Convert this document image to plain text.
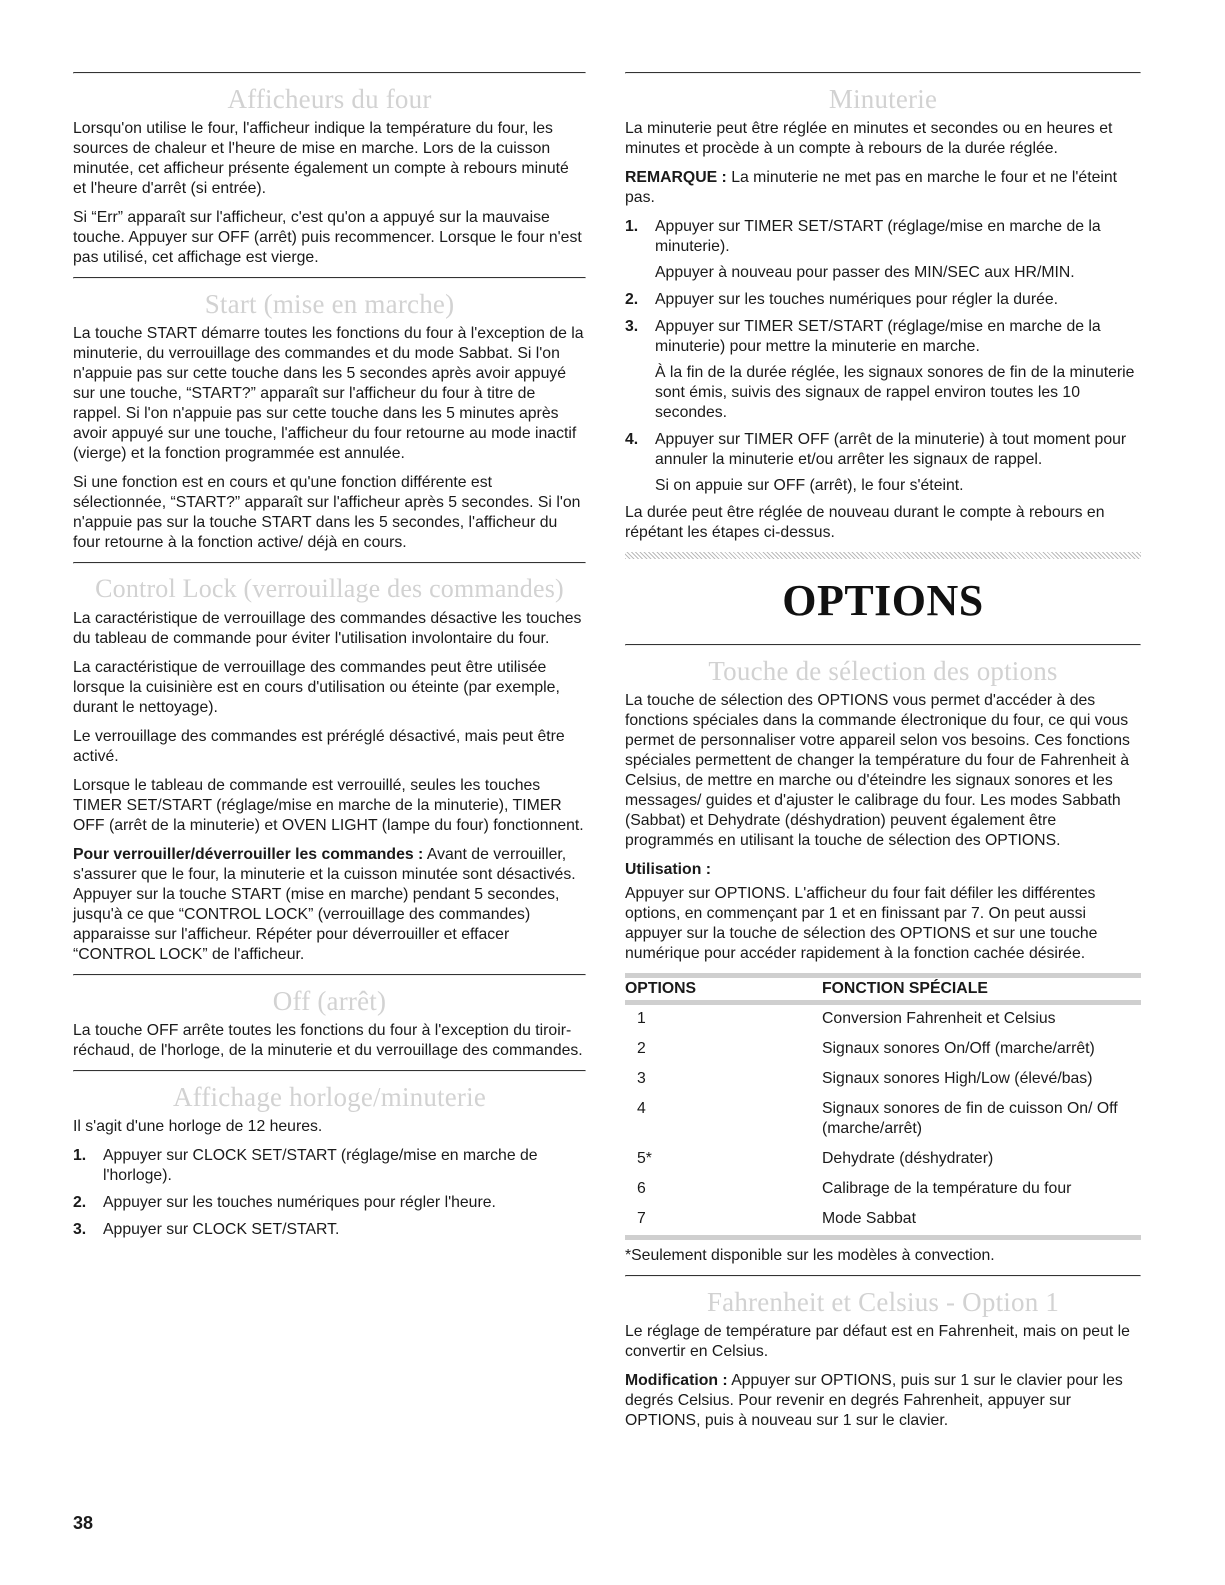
Afficheurs du four

Lorsqu'on utilise le four, l'afficheur indique la température du four, les sources de chaleur et l'heure de mise en marche. Lors de la cuisson minutée, cet afficheur présente également un compte à rebours minuté et l'heure d'arrêt (si entrée).

Si “Err” apparaît sur l'afficheur, c'est qu'on a appuyé sur la mauvaise touche. Appuyer sur OFF (arrêt) puis recommencer. Lorsque le four n'est pas utilisé, cet affichage est vierge.

Start (mise en marche)

La touche START démarre toutes les fonctions du four à l'exception de la minuterie, du verrouillage des commandes et du mode Sabbat. Si l'on n'appuie pas sur cette touche dans les 5 secondes après avoir appuyé sur une touche, “START?” apparaît sur l'afficheur du four à titre de rappel. Si l'on n'appuie pas sur cette touche dans les 5 minutes après avoir appuyé sur une touche, l'afficheur du four retourne au mode inactif (vierge) et la fonction programmée est annulée.

Si une fonction est en cours et qu'une fonction différente est sélectionnée, “START?” apparaît sur l'afficheur après 5 secondes. Si l'on n'appuie pas sur la touche START dans les 5 secondes, l'afficheur du four retourne à la fonction active/ déjà en cours.

Control Lock (verrouillage des commandes)

La caractéristique de verrouillage des commandes désactive les touches du tableau de commande pour éviter l'utilisation involontaire du four.

La caractéristique de verrouillage des commandes peut être utilisée lorsque la cuisinière est en cours d'utilisation ou éteinte (par exemple, durant le nettoyage).

Le verrouillage des commandes est préréglé désactivé, mais peut être activé.

Lorsque le tableau de commande est verrouillé, seules les touches TIMER SET/START (réglage/mise en marche de la minuterie), TIMER OFF (arrêt de la minuterie) et OVEN LIGHT (lampe du four) fonctionnent.

Pour verrouiller/déverrouiller les commandes : Avant de verrouiller, s'assurer que le four, la minuterie et la cuisson minutée sont désactivés. Appuyer sur la touche START (mise en marche) pendant 5 secondes, jusqu'à ce que “CONTROL LOCK” (verrouillage des commandes) apparaisse sur l'afficheur. Répéter pour déverrouiller et effacer “CONTROL LOCK” de l'afficheur.

Off (arrêt)

La touche OFF arrête toutes les fonctions du four à l'exception du tiroir-réchaud, de l'horloge, de la minuterie et du verrouillage des commandes.

Affichage horloge/minuterie

Il s'agit d'une horloge de 12 heures.

1. Appuyer sur CLOCK SET/START (réglage/mise en marche de l'horloge).
2. Appuyer sur les touches numériques pour régler l'heure.
3. Appuyer sur CLOCK SET/START.
Minuterie

La minuterie peut être réglée en minutes et secondes ou en heures et minutes et procède à un compte à rebours de la durée réglée.

REMARQUE : La minuterie ne met pas en marche le four et ne l'éteint pas.

1. Appuyer sur TIMER SET/START (réglage/mise en marche de la minuterie).

Appuyer à nouveau pour passer des MIN/SEC aux HR/MIN.

2. Appuyer sur les touches numériques pour régler la durée.

3. Appuyer sur TIMER SET/START (réglage/mise en marche de la minuterie) pour mettre la minuterie en marche.

À la fin de la durée réglée, les signaux sonores de fin de la minuterie sont émis, suivis des signaux de rappel environ toutes les 10 secondes.

4. Appuyer sur TIMER OFF (arrêt de la minuterie) à tout moment pour annuler la minuterie et/ou arrêter les signaux de rappel.

Si on appuie sur OFF (arrêt), le four s'éteint.

La durée peut être réglée de nouveau durant le compte à rebours en répétant les étapes ci-dessus.

OPTIONS
Touche de sélection des options

La touche de sélection des OPTIONS vous permet d'accéder à des fonctions spéciales dans la commande électronique du four, ce qui vous permet de personnaliser votre appareil selon vos besoins. Ces fonctions spéciales permettent de changer la température du four de Fahrenheit à Celsius, de mettre en marche ou d'éteindre les signaux sonores et les messages/ guides et d'ajuster le calibrage du four. Les modes Sabbath (Sabbat) et Dehydrate (déshydration) peuvent également être programmés en utilisant la touche de sélection des OPTIONS.

Utilisation :

Appuyer sur OPTIONS. L'afficheur du four fait défiler les différentes options, en commençant par 1 et en finissant par 7. On peut aussi appuyer sur la touche de sélection des OPTIONS et sur une touche numérique pour accéder rapidement à la fonction cachée désirée.

OPTIONS	FONCTION SPÉCIALE
1	Conversion Fahrenheit et Celsius
2	Signaux sonores On/Off (marche/arrêt)
3	Signaux sonores High/Low (élevé/bas)
4	Signaux sonores de fin de cuisson On/ Off (marche/arrêt)
5*	Dehydrate (déshydrater)
6	Calibrage de la température du four
7	Mode Sabbat

*Seulement disponible sur les modèles à convection.

Fahrenheit et Celsius - Option 1

Le réglage de température par défaut est en Fahrenheit, mais on peut le convertir en Celsius.

Modification : Appuyer sur OPTIONS, puis sur 1 sur le clavier pour les degrés Celsius. Pour revenir en degrés Fahrenheit, appuyer sur OPTIONS, puis à nouveau sur 1 sur le clavier.

38
